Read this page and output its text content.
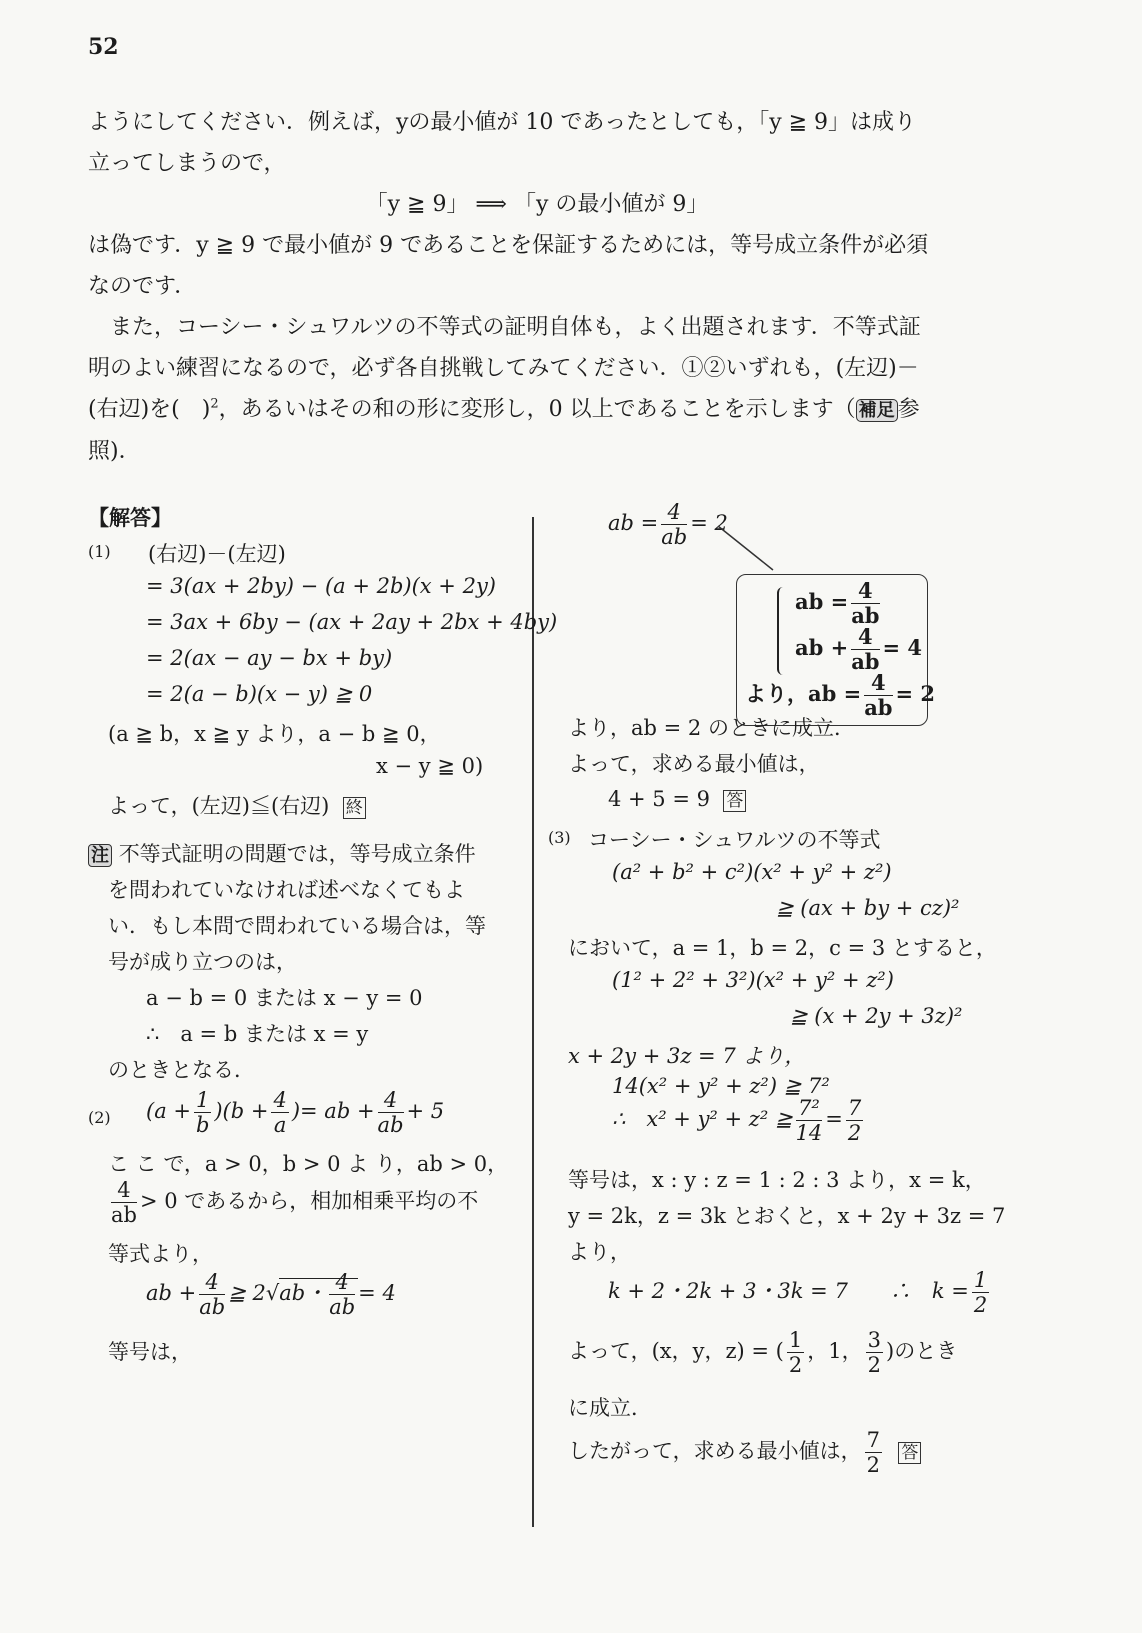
52

ようにしてください．例えば，yの最小値が 10 であったとしても，「y ≧ 9」は成り

立ってしまうので，

「y ≧ 9」 ⟹ 「y の最小値が 9」

は偽です．y ≧ 9 で最小値が 9 であることを保証するためには，等号成立条件が必須

なのです．

また，コーシー・シュワルツの不等式の証明自体も，よく出題されます．不等式証

明のよい練習になるので，必ず各自挑戦してみてください．①②いずれも，(左辺)－

(右辺)を(　)$^2$，あるいはその和の形に変形し，0 以上であることを示します（ 補足 参

照)．

【解答】
(1) (右辺)－(左辺)
= 3(ax + 2by) − (a + 2b)(x + 2y)
= 3ax + 6by − (ax + 2ay + 2bx + 4by)
= 2(ax − ay − bx + by)
= 2(a − b)(x − y) ≧ 0
(a ≧ b，x ≧ y より，a − b ≧ 0，
x − y ≧ 0)
よって，(左辺)≦(右辺) 終
注 不等式証明の問題では，等号成立条件
を問われていなければ述べなくてもよ
い．もし本問で問われている場合は，等
号が成り立つのは，
a − b = 0 または x − y = 0
∴　a = b または x = y
のときとなる．
(2) $(a + \frac{1}{b} )(b + \frac{4}{a}$ )= ab + $\frac{4}{ab} + 5$
こ こ で，a > 0，b > 0 よ り，ab > 0，
$\frac{4}{ab} > 0$ であるから，相加相乗平均の不
等式より，
ab + $\frac{4}{ab}$ ≧ 2√ab・ $\frac{4}{ab} = 4$
等号は，
ab = $\frac{4}{ab} = 2$
ab = $\frac{4}{ab}$
ab + $\frac{4}{ab} = 4$
より，ab = $\frac{4}{ab} = 2$
より，ab = 2 のときに成立．
よって，求める最小値は，
4 + 5 = 9 答
(3) コーシー・シュワルツの不等式
(a² + b² + c²)(x² + y² + z²)
≧ (ax + by + cz)²
において，a = 1，b = 2，c = 3 とすると，
(1² + 2² + 3²)(x² + y² + z²)
≧ (x + 2y + 3z)²
x + 2y + 3z = 7 より，
14(x² + y² + z²) ≧ 7²
∴　x² + y² + z² ≧ $\frac{\text{7²}}{14} = \frac{7}{2}$
等号は，x : y : z = 1 : 2 : 3 より，x = k，
y = 2k，z = 3k とおくと，x + 2y + 3z = 7
より，
k + 2・2k + 3・3k = 7　　∴　$k = \frac{1}{2}$
よって，(x，y，z) = ( $\frac{1}{2}$ ，1， $\frac{3}{2}$ )のとき
に成立．
したがって，求める最小値は， $\frac{7}{2}$ 答
